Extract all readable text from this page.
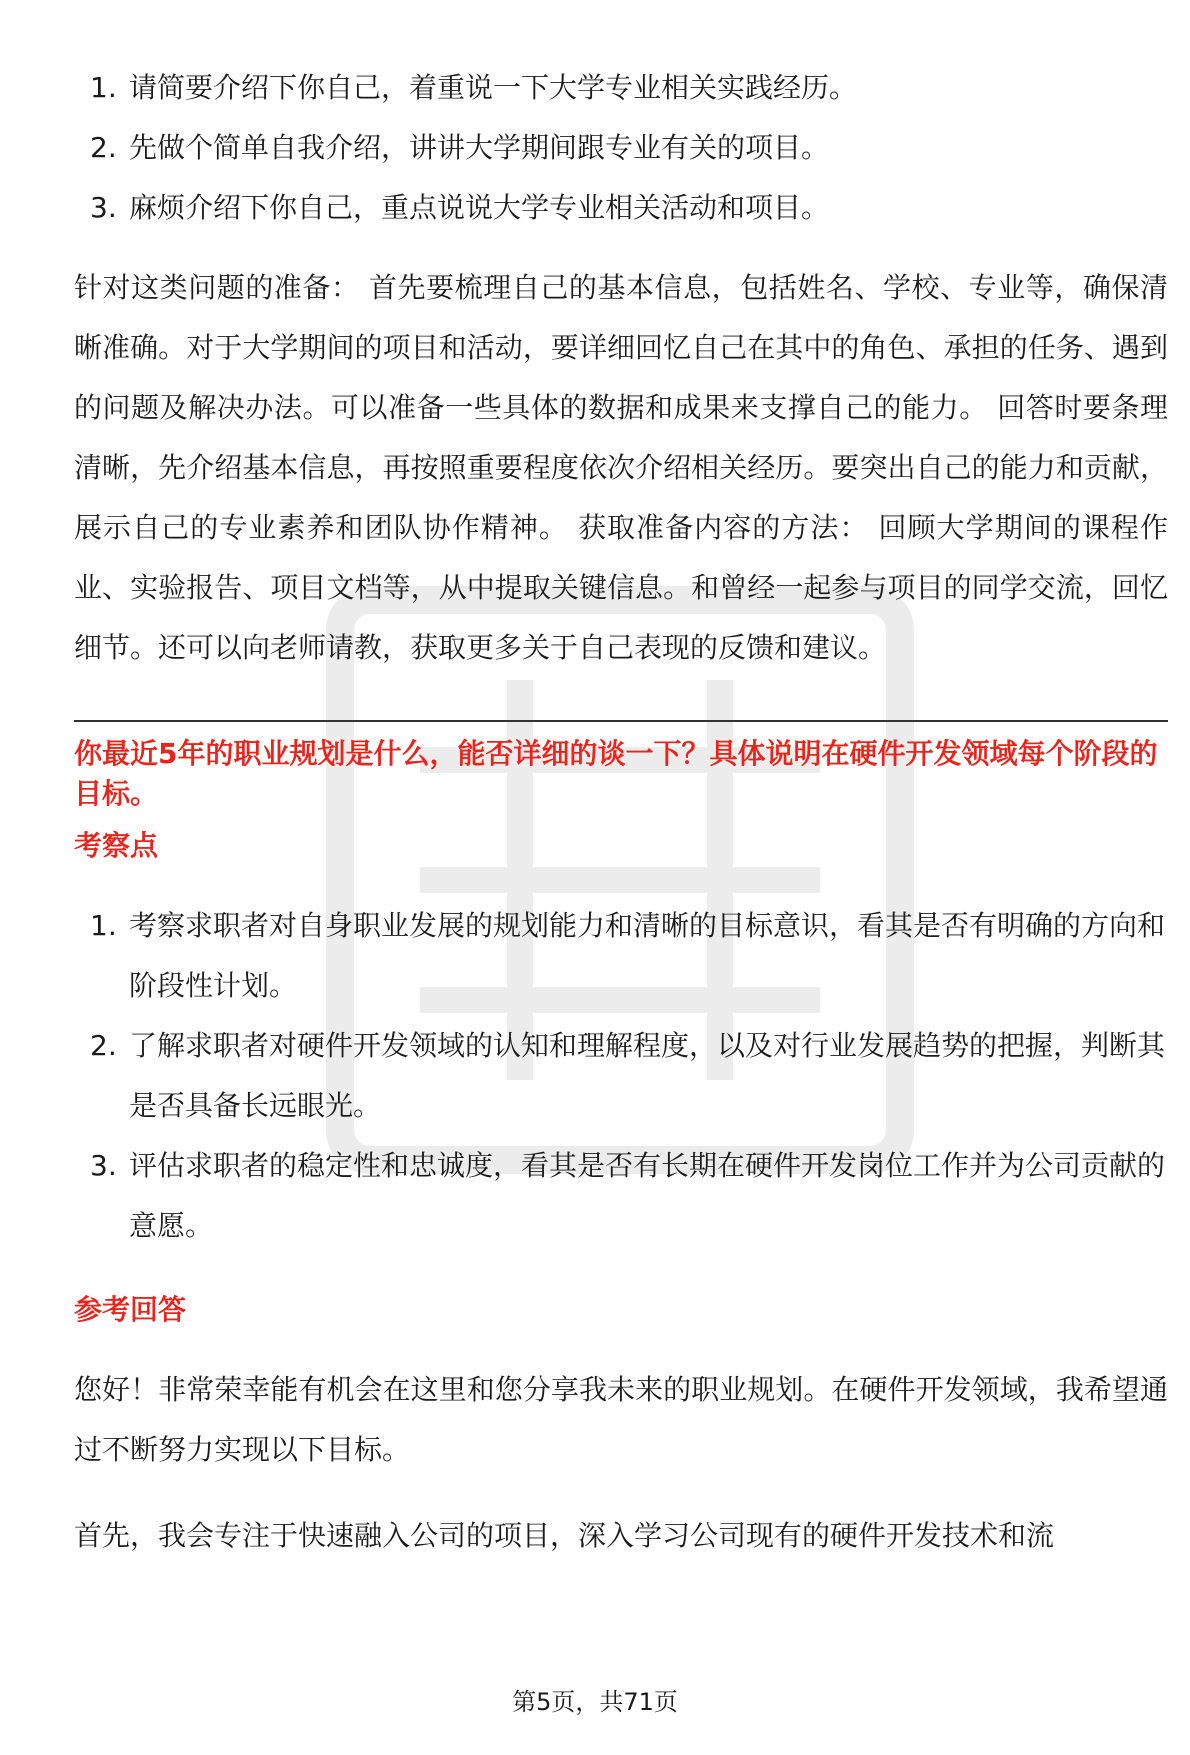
1. 请简要介绍下你自己，着重说一下大学专业相关实践经历。
2. 先做个简单自我介绍，讲讲大学期间跟专业有关的项目。
3. 麻烦介绍下你自己，重点说说大学专业相关活动和项目。

针对这类问题的准备： 首先要梳理自己的基本信息，包括姓名、学校、专业等，确保清晰准确。对于大学期间的项目和活动，要详细回忆自己在其中的角色、承担的任务、遇到的问题及解决办法。可以准备一些具体的数据和成果来支撑自己的能力。 回答时要条理清晰，先介绍基本信息，再按照重要程度依次介绍相关经历。要突出自己的能力和贡献，展示自己的专业素养和团队协作精神。 获取准备内容的方法： 回顾大学期间的课程作业、实验报告、项目文档等，从中提取关键信息。和曾经一起参与项目的同学交流，回忆细节。还可以向老师请教，获取更多关于自己表现的反馈和建议。

你最近5年的职业规划是什么，能否详细的谈一下？具体说明在硬件开发领域每个阶段的目标。
考察点
1. 考察求职者对自身职业发展的规划能力和清晰的目标意识，看其是否有明确的方向和阶段性计划。
2. 了解求职者对硬件开发领域的认知和理解程度，以及对行业发展趋势的把握，判断其是否具备长远眼光。
3. 评估求职者的稳定性和忠诚度，看其是否有长期在硬件开发岗位工作并为公司贡献的意愿。
参考回答

您好！非常荣幸能有机会在这里和您分享我未来的职业规划。在硬件开发领域，我希望通过不断努力实现以下目标。

首先，我会专注于快速融入公司的项目，深入学习公司现有的硬件开发技术和流

第5页，共71页
